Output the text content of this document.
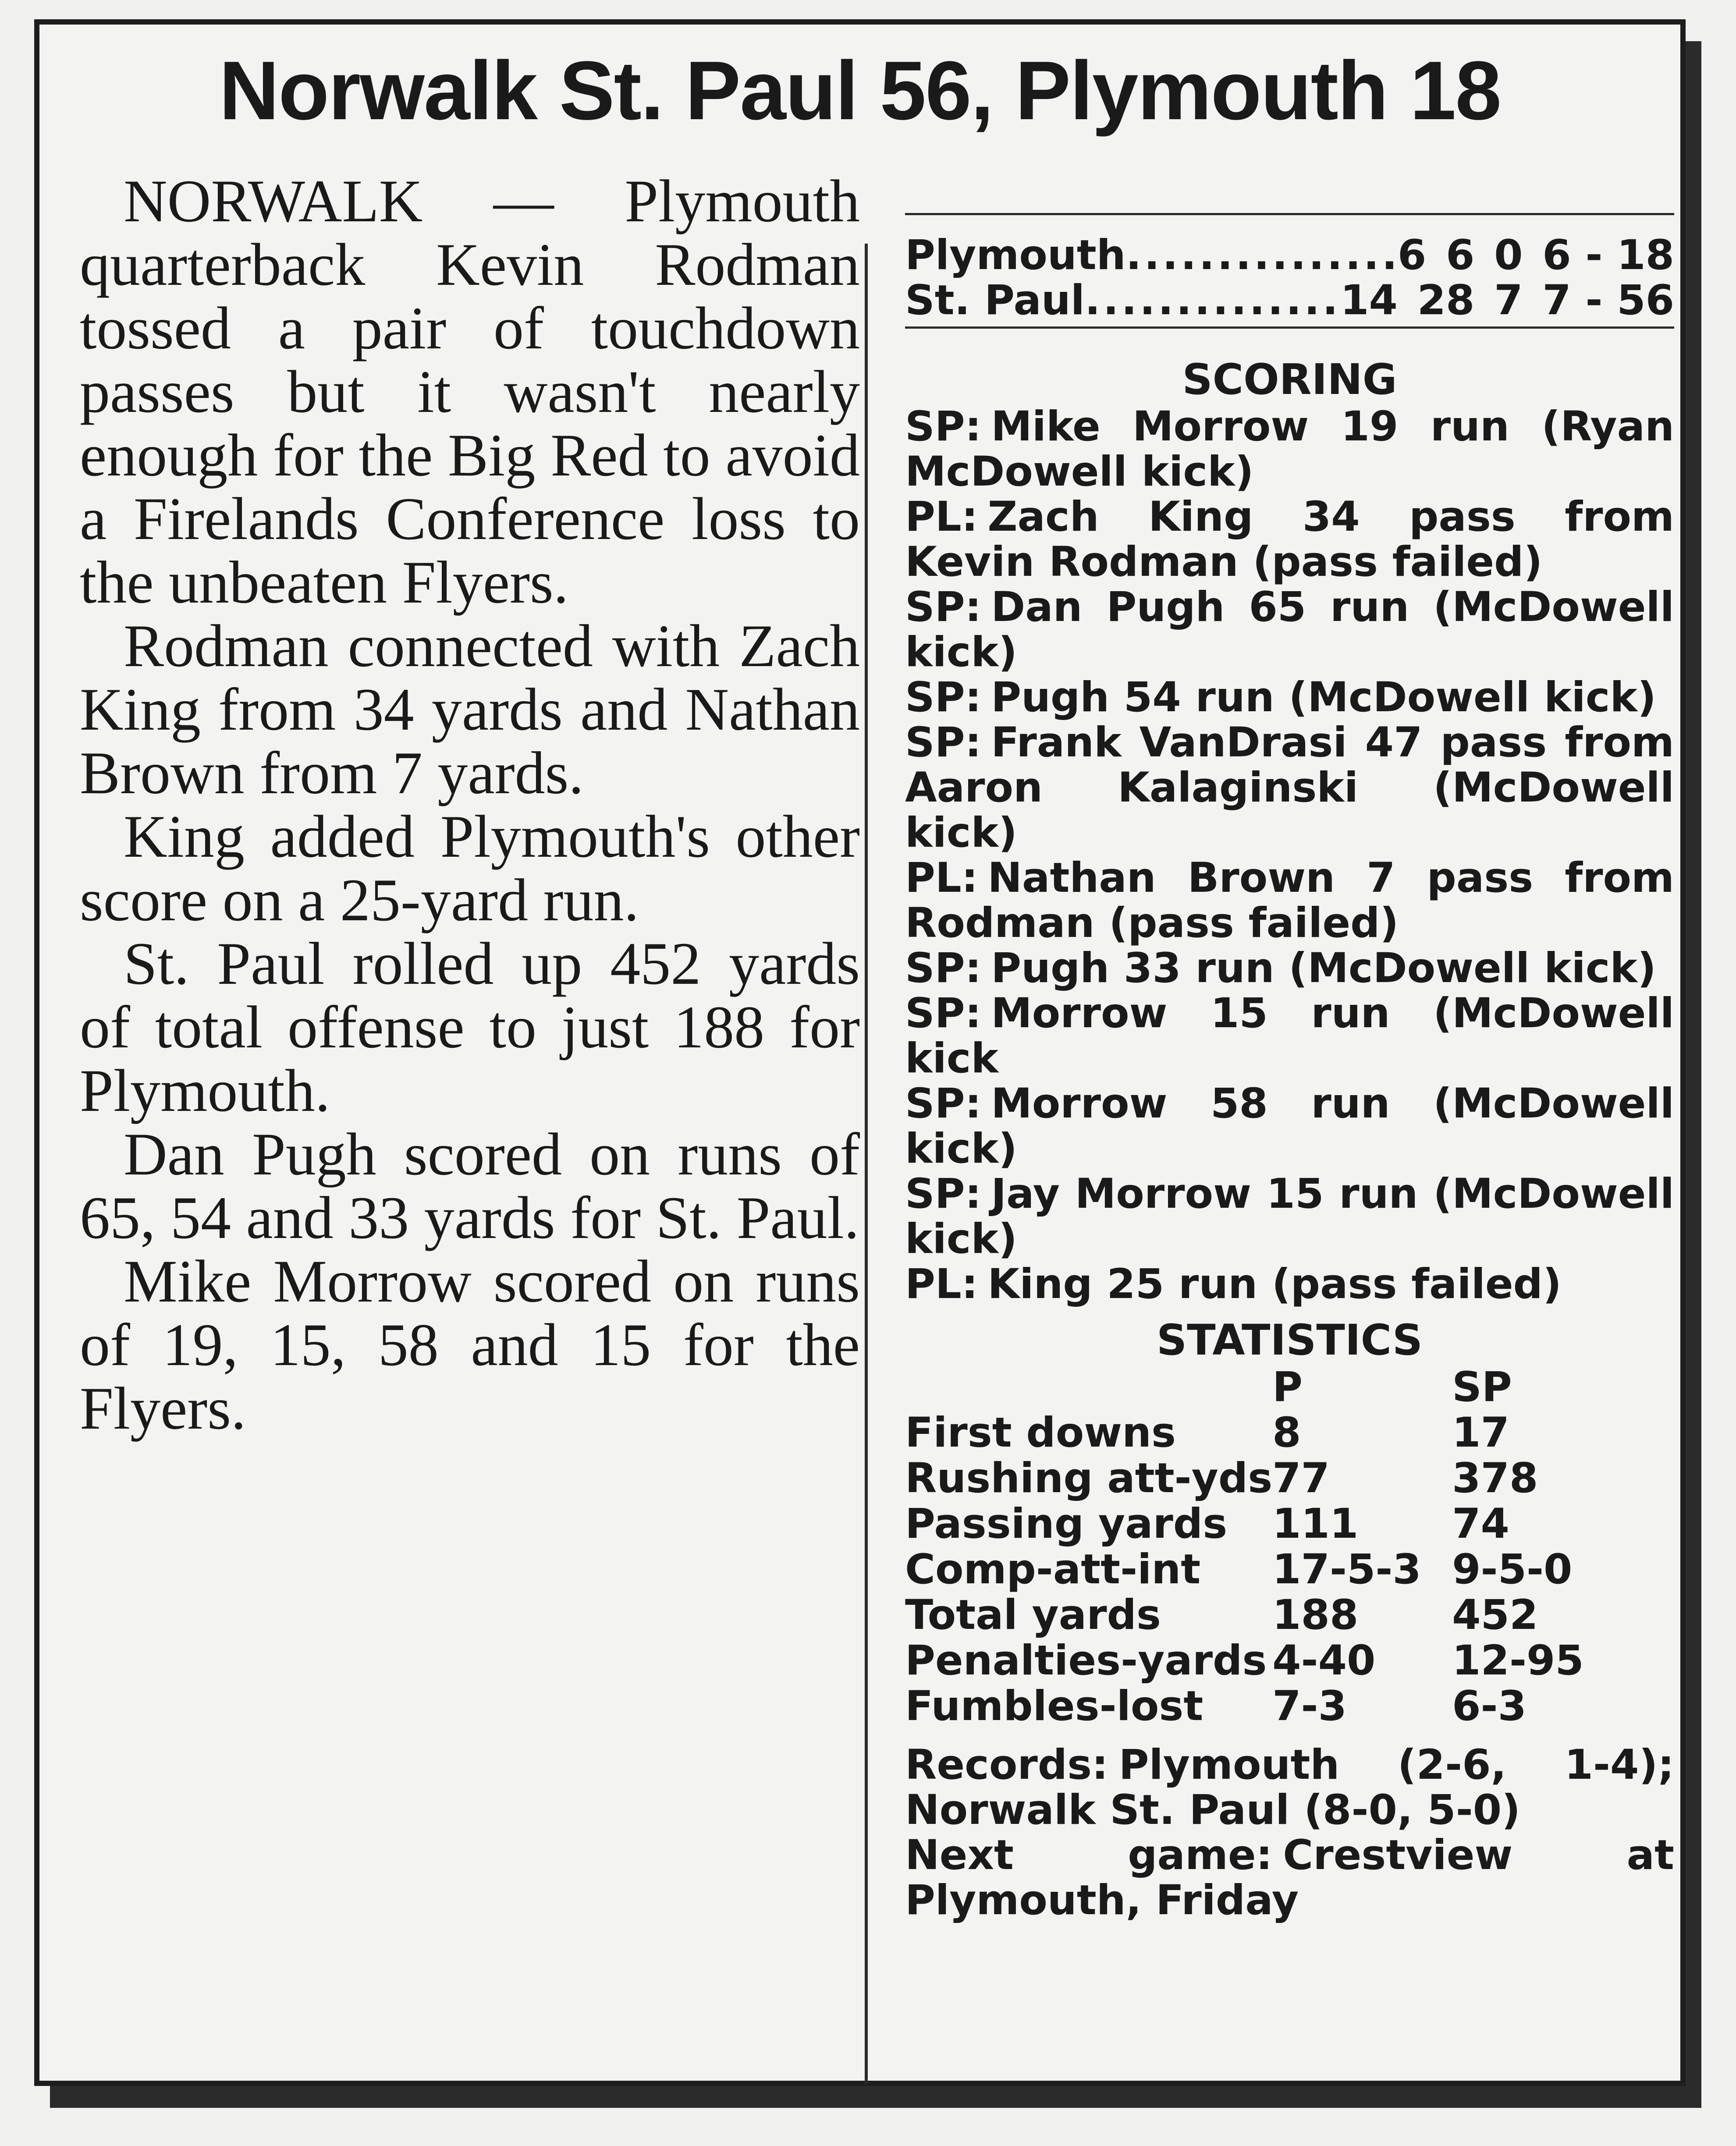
Norwalk St. Paul 56, Plymouth 18

NORWALK — Plymouth quarterback Kevin Rodman tossed a pair of touchdown passes but it wasn't nearly enough for the Big Red to avoid a Firelands Conference loss to the unbeaten Flyers.

Rodman connected with Zach King from 34 yards and Nathan Brown from 7 yards.

King added Plymouth's other score on a 25-yard run.

St. Paul rolled up 452 yards of total offense to just 188 for Plymouth.

Dan Pugh scored on runs of 65, 54 and 33 yards for St. Paul.

Mike Morrow scored on runs of 19, 15, 58 and 15 for the Flyers.

Plymouth .....	6 6 0 6 - 18
St. Paul .....	14 28 7 7 - 56
SCORING
SP: Mike Morrow 19 run (Ryan McDowell kick)
PL: Zach King 34 pass from Kevin Rodman (pass failed)
SP: Dan Pugh 65 run (McDowell kick)
SP: Pugh 54 run (McDowell kick)
SP: Frank VanDrasi 47 pass from Aaron Kalaginski (McDowell kick)
PL: Nathan Brown 7 pass from Rodman (pass failed)
SP: Pugh 33 run (McDowell kick)
SP: Morrow 15 run (McDowell kick
SP: Morrow 58 run (McDowell kick)
SP: Jay Morrow 15 run (McDowell kick)
PL: King 25 run (pass failed)
STATISTICS
	P	SP
First downs	8	17
Rushing att-yds	77	378
Passing yards	111	74
Comp-att-int	17-5-3	9-5-0
Total yards	188	452
Penalties-yards	4-40	12-95
Fumbles-lost	7-3	6-3
Records: Plymouth (2-6, 1-4); Norwalk St. Paul (8-0, 5-0)
Next game: Crestview at Plymouth, Friday
